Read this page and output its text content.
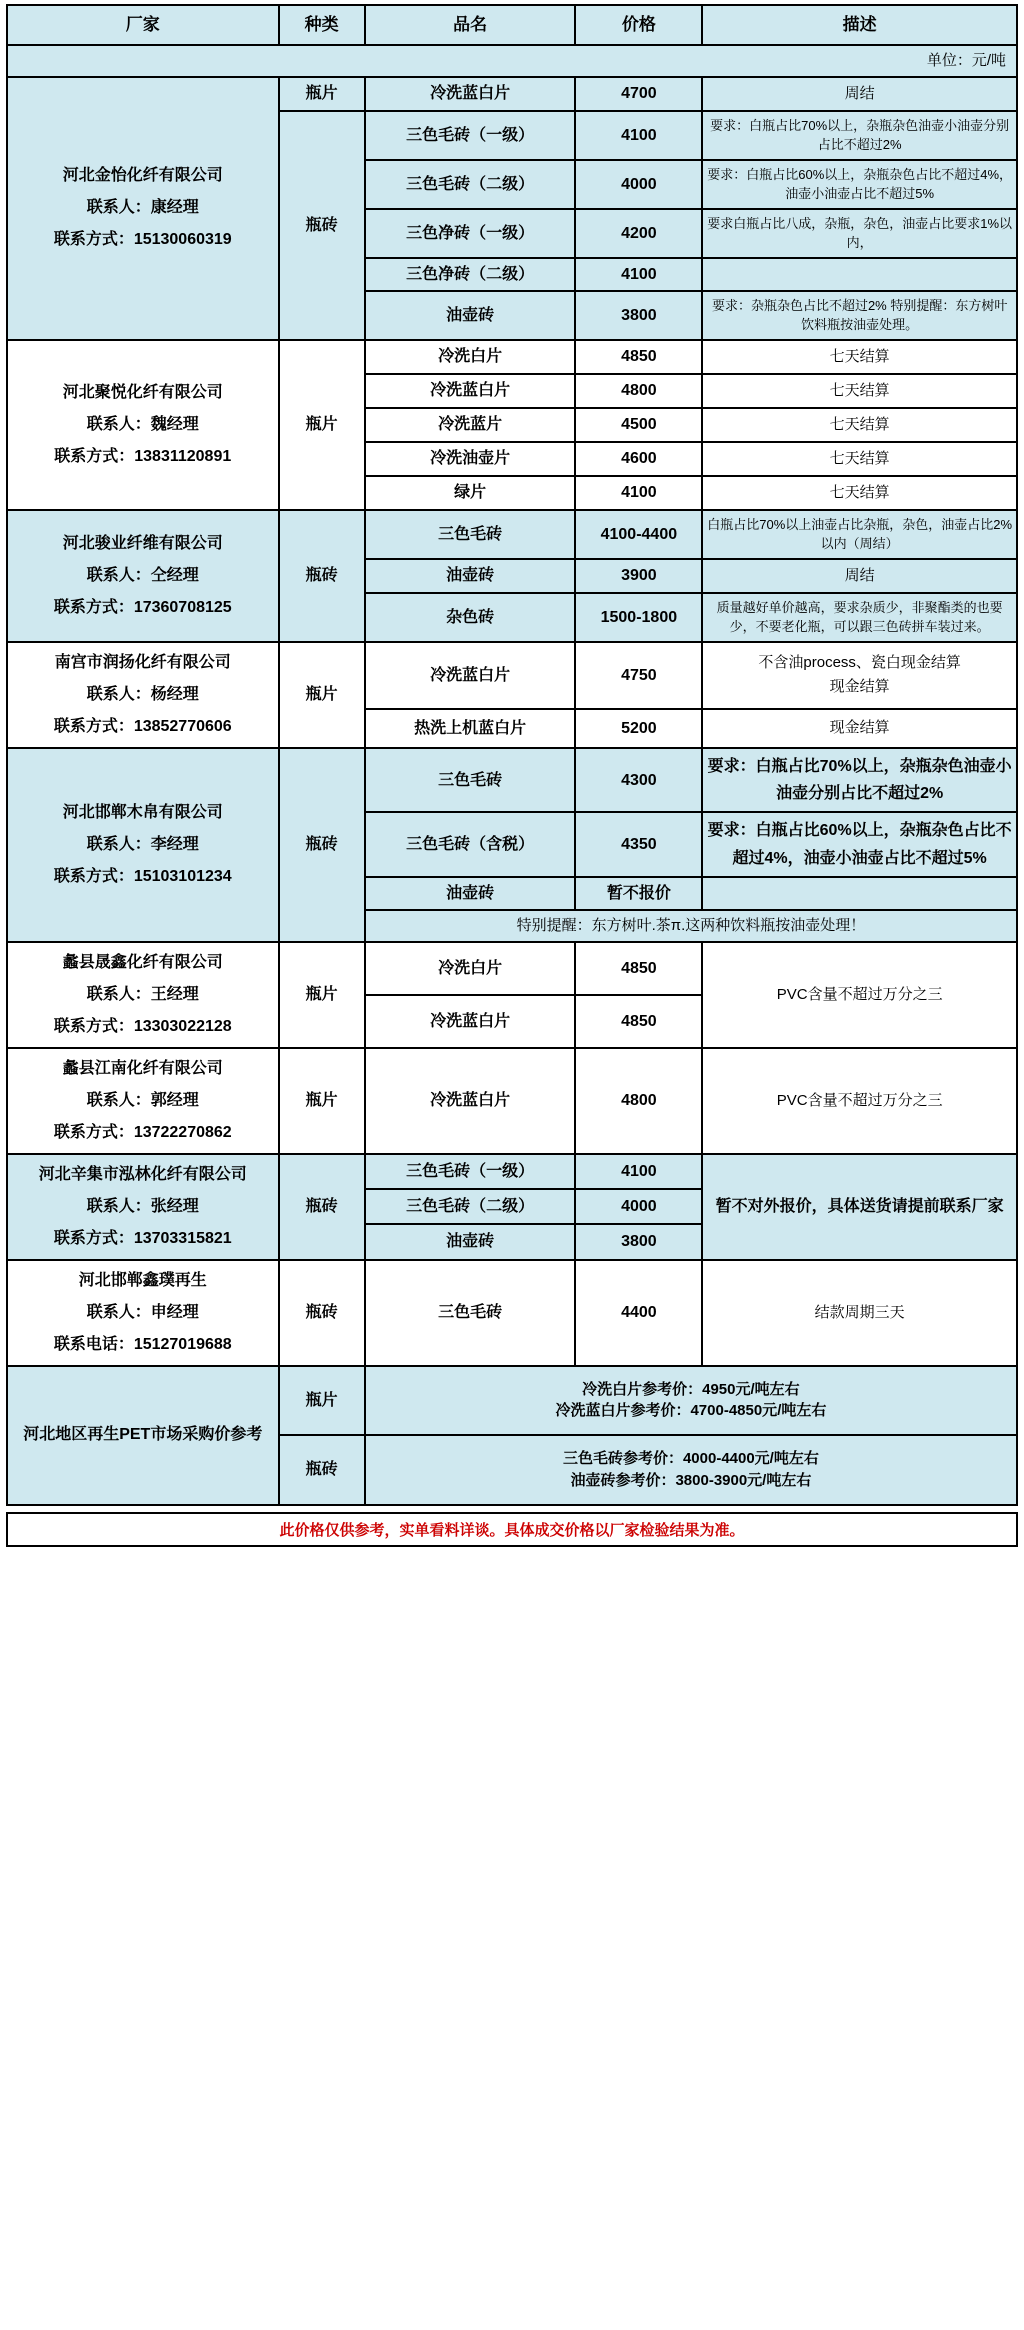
厂家	种类	品名	价格	描述
单位：元/吨				

河北金怡化纤有限公司
联系人：康经理
联系方式：15130060319	瓶片	冷洗蓝白片	4700	周结
	瓶砖	三色毛砖（一级）	4100	要求：白瓶占比70%以上，杂瓶杂色油壶小油壶分别占比不超过2%
		三色毛砖（二级）	4000	要求：白瓶占比60%以上，杂瓶杂色占比不超过4%，油壶小油壶占比不超过5%
		三色净砖（一级）	4200	要求白瓶占比八成，杂瓶，杂色，油壶占比要求1%以内，
		三色净砖（二级）	4100	
		油壶砖	3800	要求：杂瓶杂色占比不超过2% 特别提醒：东方树叶饮料瓶按油壶处理。

河北聚悦化纤有限公司
联系人：魏经理
联系方式：13831120891	瓶片	冷洗白片	4850	七天结算
		冷洗蓝白片	4800	七天结算
		冷洗蓝片	4500	七天结算
		冷洗油壶片	4600	七天结算
		绿片	4100	七天结算

河北骏业纤维有限公司
联系人：仝经理
联系方式：17360708125	瓶砖	三色毛砖	4100-4400	白瓶占比70%以上油壶占比杂瓶，杂色，油壶占比2%以内（周结）
		油壶砖	3900	周结
		杂色砖	1500-1800	质量越好单价越高，要求杂质少，非聚酯类的也要少，不要老化瓶，可以跟三色砖拼车装过来。

南宫市润扬化纤有限公司
联系人：杨经理
联系方式：13852770606	瓶片	冷洗蓝白片	4750	不含油process、瓷白现金结算
现金结算
		热洗上机蓝白片	5200	现金结算

河北邯郸木帛有限公司
联系人：李经理
联系方式：15103101234	瓶砖	三色毛砖	4300	要求：白瓶占比70%以上，杂瓶杂色油壶小油壶分别占比不超过2%
		三色毛砖（含税）	4350	要求：白瓶占比60%以上，杂瓶杂色占比不超过4%，油壶小油壶占比不超过5%
		油壶砖	暂不报价	
		特别提醒：东方树叶.茶π.这两种饮料瓶按油壶处理！		

蠡县晟鑫化纤有限公司
联系人：王经理
联系方式：13303022128	瓶片	冷洗白片	4850	PVC含量不超过万分之三
		冷洗蓝白片	4850	

蠡县江南化纤有限公司
联系人：郭经理
联系方式：13722270862	瓶片	冷洗蓝白片	4800	PVC含量不超过万分之三

河北辛集市泓林化纤有限公司
联系人：张经理
联系方式：13703315821	瓶砖	三色毛砖（一级）	4100	暂不对外报价，具体送货请提前联系厂家
		三色毛砖（二级）	4000	
		油壶砖	3800	

河北邯郸鑫璞再生
联系人：申经理
联系电话：15127019688	瓶砖	三色毛砖	4400	结款周期三天
河北地区再生PET市场采购价参考	瓶片	冷洗白片参考价：4950元/吨左右
冷洗蓝白片参考价：4700-4850元/吨左右		
	瓶砖	三色毛砖参考价：4000-4400元/吨左右
油壶砖参考价：3800-3900元/吨左右		
此价格仅供参考，实单看料详谈。具体成交价格以厂家检验结果为准。
